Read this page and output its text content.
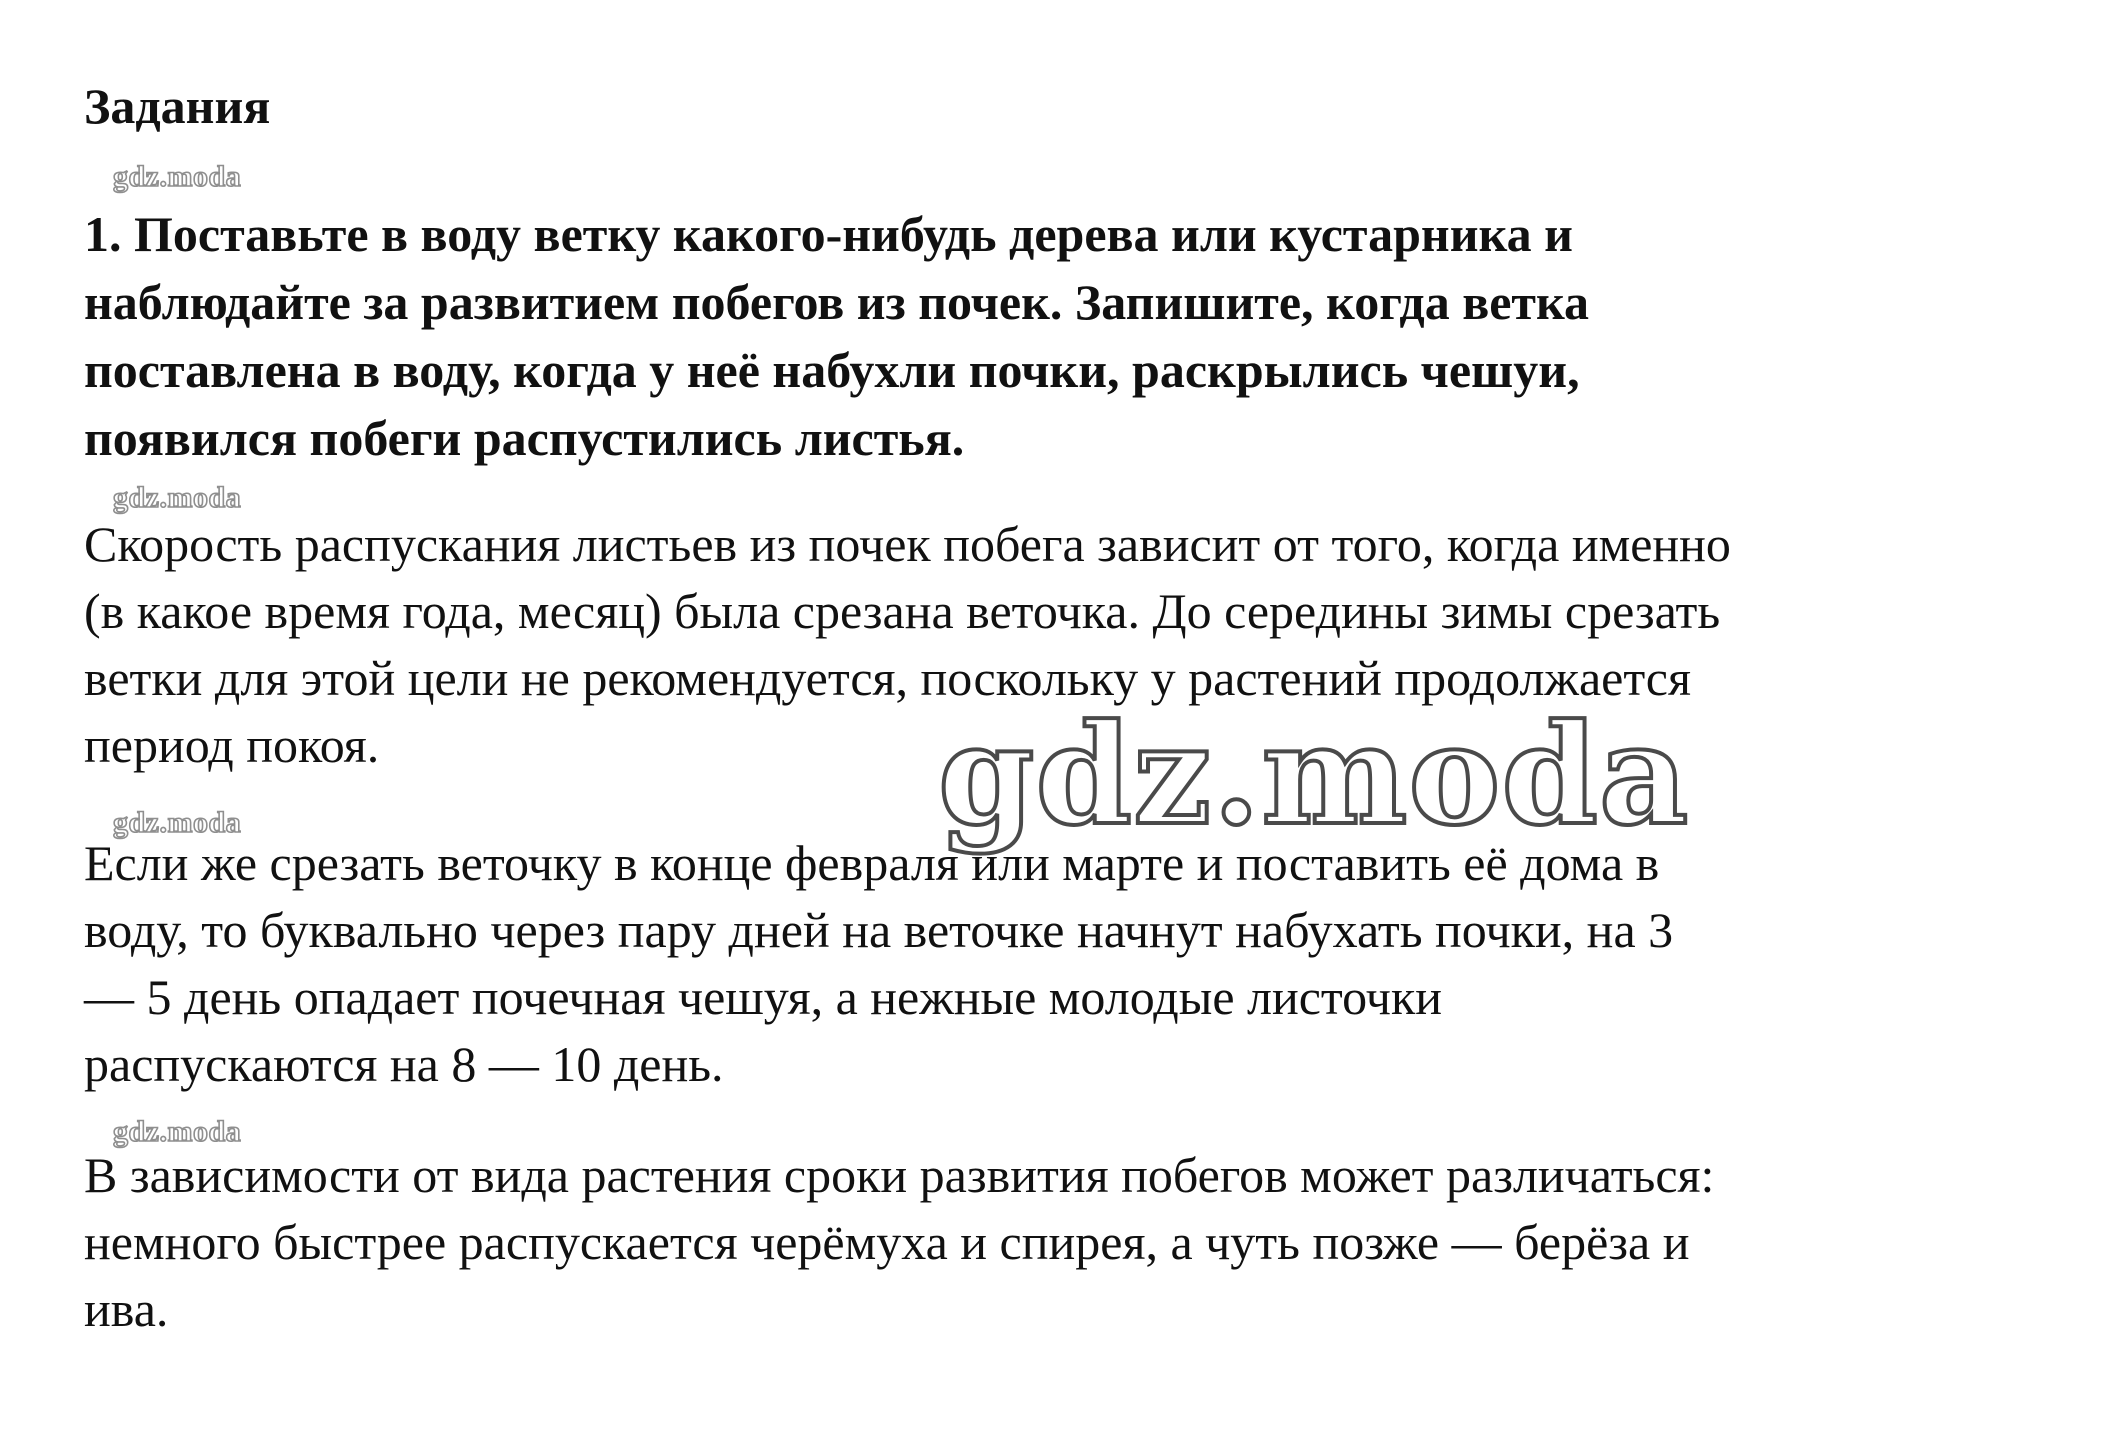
Задания
gdz.moda
1. Поставьте в воду ветку какого-нибудь дерева или кустарника и
наблюдайте за развитием побегов из почек. Запишите, когда ветка
поставлена в воду, когда у неё набухли почки, раскрылись чешуи,
появился побеги распустились листья.
gdz.moda
Скорость распускания листьев из почек побега зависит от того, когда именно
(в какое время года, месяц) была срезана веточка. До середины зимы срезать
ветки для этой цели не рекомендуется, поскольку у растений продолжается
период покоя.
gdz.moda
Если же срезать веточку в конце февраля или марте и поставить её дома в
воду, то буквально через пару дней на веточке начнут набухать почки, на 3
— 5 день опадает почечная чешуя, а нежные молодые листочки
распускаются на 8 — 10 день.
gdz.moda
В зависимости от вида растения сроки развития побегов может различаться:
немного быстрее распускается черёмуха и спирея, а чуть позже — берёза и
ива.
gdz.moda
